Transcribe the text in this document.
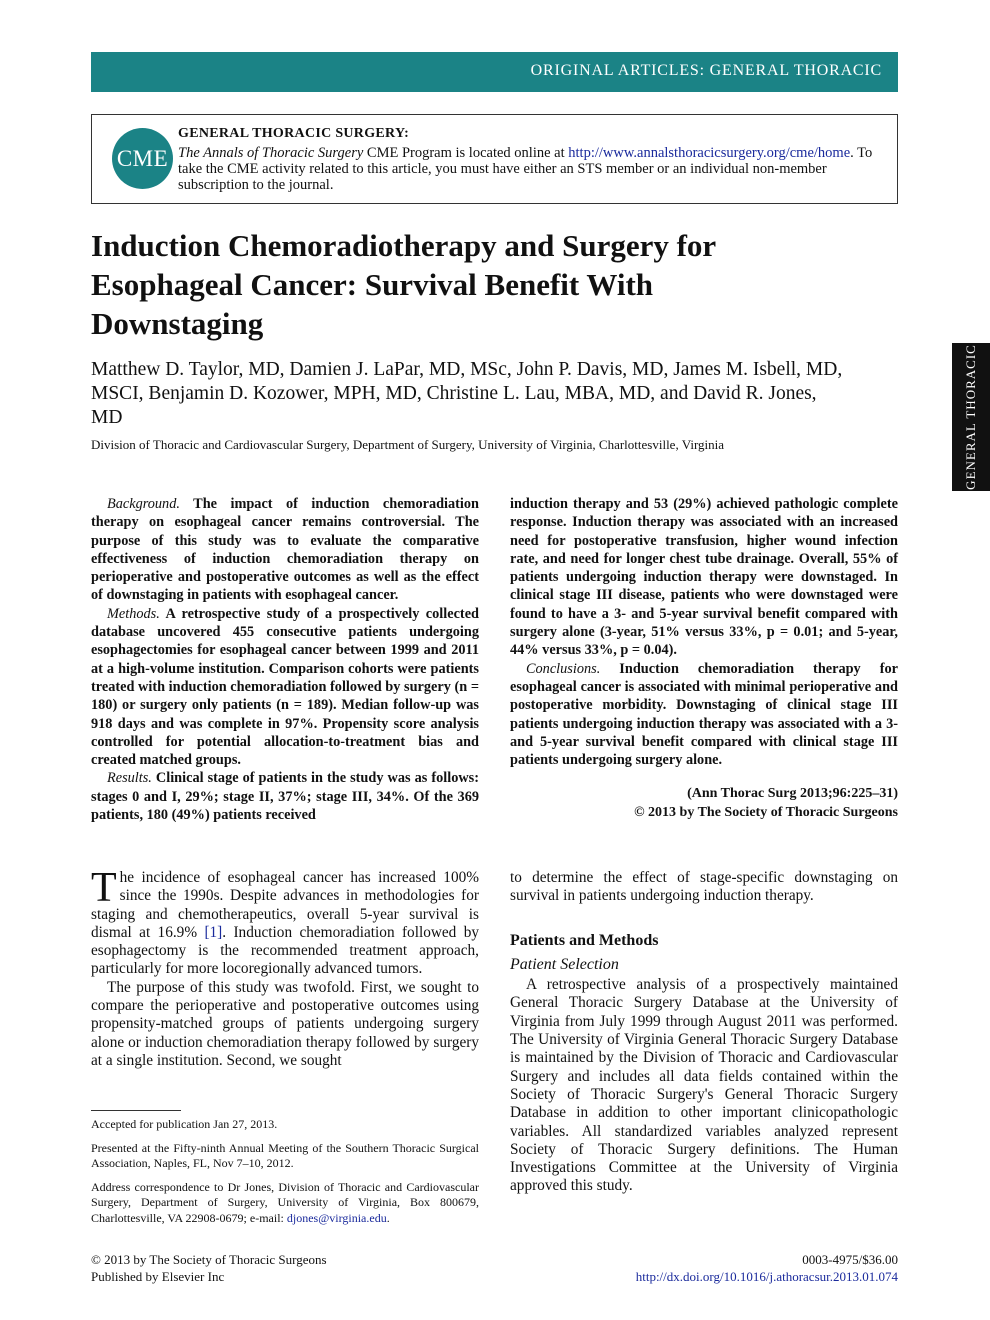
ORIGINAL ARTICLES: GENERAL THORACIC
CME
GENERAL THORACIC SURGERY:
The Annals of Thoracic Surgery CME Program is located online at http://www.annalsthoracicsurgery.org/cme/home. To take the CME activity related to this article, you must have either an STS member or an individual non-member subscription to the journal.
Induction Chemoradiotherapy and Surgery for Esophageal Cancer: Survival Benefit With Downstaging
Matthew D. Taylor, MD, Damien J. LaPar, MD, MSc, John P. Davis, MD, James M. Isbell, MD, MSCI, Benjamin D. Kozower, MPH, MD, Christine L. Lau, MBA, MD, and David R. Jones, MD
Division of Thoracic and Cardiovascular Surgery, Department of Surgery, University of Virginia, Charlottesville, Virginia	GENERAL THORACIC

Background. The impact of induction chemoradiation therapy on esophageal cancer remains controversial. The purpose of this study was to evaluate the comparative effectiveness of induction chemoradiation therapy on perioperative and postoperative outcomes as well as the effect of downstaging in patients with esophageal cancer.

Methods. A retrospective study of a prospectively collected database uncovered 455 consecutive patients undergoing esophagectomies for esophageal cancer between 1999 and 2011 at a high-volume institution. Comparison cohorts were patients treated with induction chemoradiation followed by surgery (n = 180) or surgery only patients (n = 189). Median follow-up was 918 days and was complete in 97%. Propensity score analysis controlled for potential allocation-to-treatment bias and created matched groups.

Results. Clinical stage of patients in the study was as follows: stages 0 and I, 29%; stage II, 37%; stage III, 34%. Of the 369 patients, 180 (49%) patients received

induction therapy and 53 (29%) achieved pathologic complete response. Induction therapy was associated with an increased need for postoperative transfusion, higher wound infection rate, and need for longer chest tube drainage. Overall, 55% of patients undergoing induction therapy were downstaged. In clinical stage III disease, patients who were downstaged were found to have a 3- and 5-year survival benefit compared with surgery alone (3-year, 51% versus 33%, p = 0.01; and 5-year, 44% versus 33%, p = 0.04).

Conclusions. Induction chemoradiation therapy for esophageal cancer is associated with minimal perioperative and postoperative morbidity. Downstaging of clinical stage III patients undergoing induction therapy was associated with a 3- and 5-year survival benefit compared with clinical stage III patients undergoing surgery alone.

(Ann Thorac Surg 2013;96:225–31)
© 2013 by The Society of Thoracic Surgeons

The incidence of esophageal cancer has increased 100% since the 1990s. Despite advances in methodologies for staging and chemotherapeutics, overall 5-year survival is dismal at 16.9% [1]. Induction chemoradiation followed by esophagectomy is the recommended treatment approach, particularly for more locoregionally advanced tumors.

The purpose of this study was twofold. First, we sought to compare the perioperative and postoperative outcomes using propensity-matched groups of patients undergoing surgery alone or induction chemoradiation therapy followed by surgery at a single institution. Second, we sought

to determine the effect of stage-specific downstaging on survival in patients undergoing induction therapy.

Patients and Methods

Patient Selection

A retrospective analysis of a prospectively maintained General Thoracic Surgery Database at the University of Virginia from July 1999 through August 2011 was performed. The University of Virginia General Thoracic Surgery Database is maintained by the Division of Thoracic and Cardiovascular Surgery and includes all data fields contained within the Society of Thoracic Surgery's General Thoracic Surgery Database in addition to other important clinicopathologic variables. All standardized variables analyzed represent Society of Thoracic Surgery definitions. The Human Investigations Committee at the University of Virginia approved this study.

Accepted for publication Jan 27, 2013.

Presented at the Fifty-ninth Annual Meeting of the Southern Thoracic Surgical Association, Naples, FL, Nov 7–10, 2012.

Address correspondence to Dr Jones, Division of Thoracic and Cardiovascular Surgery, Department of Surgery, University of Virginia, Box 800679, Charlottesville, VA 22908-0679; e-mail: djones@virginia.edu.

© 2013 by The Society of Thoracic Surgeons
Published by Elsevier Inc
0003-4975/$36.00
http://dx.doi.org/10.1016/j.athoracsur.2013.01.074
